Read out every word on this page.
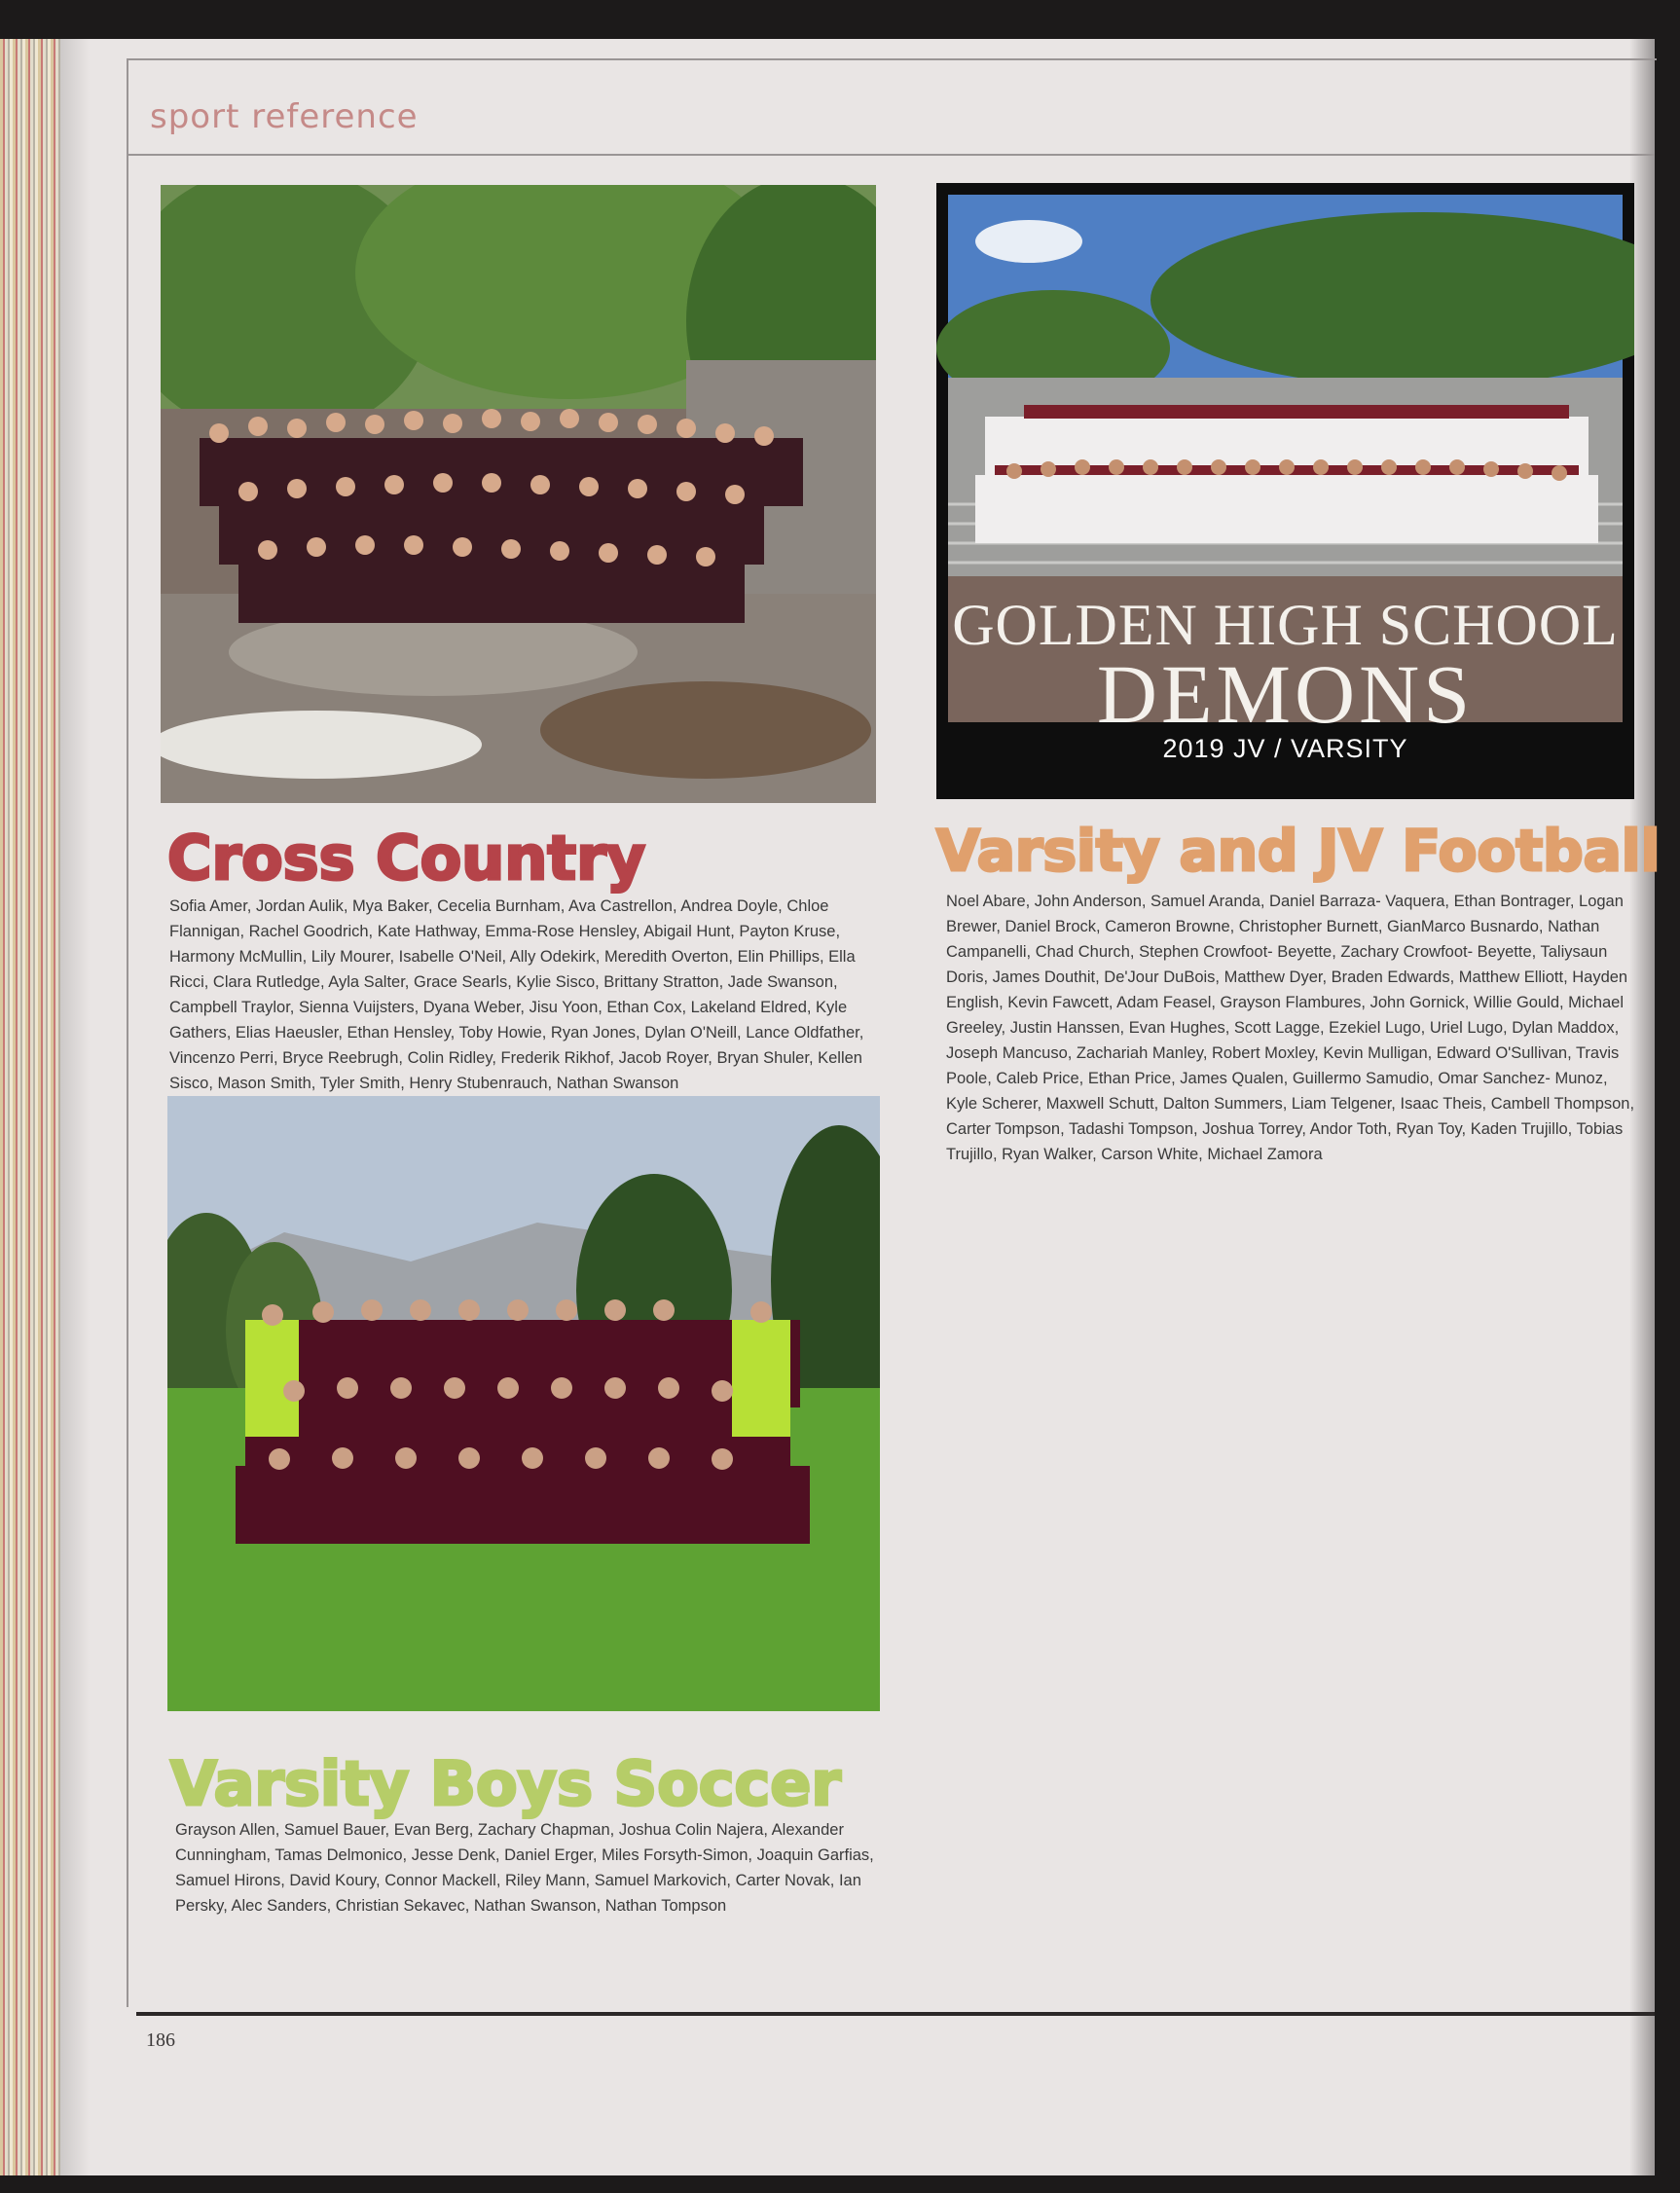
sport reference
GOLDEN HIGH SCHOOL
DEMONS
2019 JV / VARSITY
Cross Country	Varsity and JV Football
Varsity Boys Soccer
Sofia Amer, Jordan Aulik, Mya Baker, Cecelia Burnham, Ava Castrellon, Andrea Doyle, Chloe Flannigan, Rachel Goodrich, Kate Hathway, Emma-Rose Hensley, Abigail Hunt, Payton Kruse, Harmony McMullin, Lily Mourer, Isabelle O'Neil, Ally Odekirk, Meredith Overton, Elin Phillips, Ella Ricci, Clara Rutledge, Ayla Salter, Grace Searls, Kylie Sisco, Brittany Stratton, Jade Swanson, Campbell Traylor, Sienna Vuijsters, Dyana Weber, Jisu Yoon, Ethan Cox, Lakeland Eldred, Kyle Gathers, Elias Haeusler, Ethan Hensley, Toby Howie, Ryan Jones, Dylan O'Neill, Lance Oldfather, Vincenzo Perri, Bryce Reebrugh, Colin Ridley, Frederik Rikhof, Jacob Royer, Bryan Shuler, Kellen Sisco, Mason Smith, Tyler Smith, Henry Stubenrauch, Nathan Swanson
Noel Abare, John Anderson, Samuel Aranda, Daniel Barraza- Vaquera, Ethan Bontrager, Logan Brewer, Daniel Brock, Cameron Browne, Christopher Burnett, GianMarco Busnardo, Nathan Campanelli, Chad Church, Stephen Crowfoot- Beyette, Zachary Crowfoot- Beyette, Taliysaun Doris, James Douthit, De'Jour DuBois, Matthew Dyer, Braden Edwards, Matthew Elliott, Hayden English, Kevin Fawcett, Adam Feasel, Grayson Flambures, John Gornick, Willie Gould, Michael Greeley, Justin Hanssen, Evan Hughes, Scott Lagge, Ezekiel Lugo, Uriel Lugo, Dylan Maddox, Joseph Mancuso, Zachariah Manley, Robert Moxley, Kevin Mulligan, Edward O'Sullivan, Travis Poole, Caleb Price, Ethan Price, James Qualen, Guillermo Samudio, Omar Sanchez- Munoz, Kyle Scherer, Maxwell Schutt, Dalton Summers, Liam Telgener, Isaac Theis, Cambell Thompson, Carter Tompson, Tadashi Tompson, Joshua Torrey, Andor Toth, Ryan Toy, Kaden Trujillo, Tobias Trujillo, Ryan Walker, Carson White, Michael Zamora
Grayson Allen, Samuel Bauer, Evan Berg, Zachary Chapman, Joshua Colin Najera, Alexander Cunningham, Tamas Delmonico, Jesse Denk, Daniel Erger, Miles Forsyth-Simon, Joaquin Garfias, Samuel Hirons, David Koury, Connor Mackell, Riley Mann, Samuel Markovich, Carter Novak, Ian Persky, Alec Sanders, Christian Sekavec, Nathan Swanson, Nathan Tompson
186
